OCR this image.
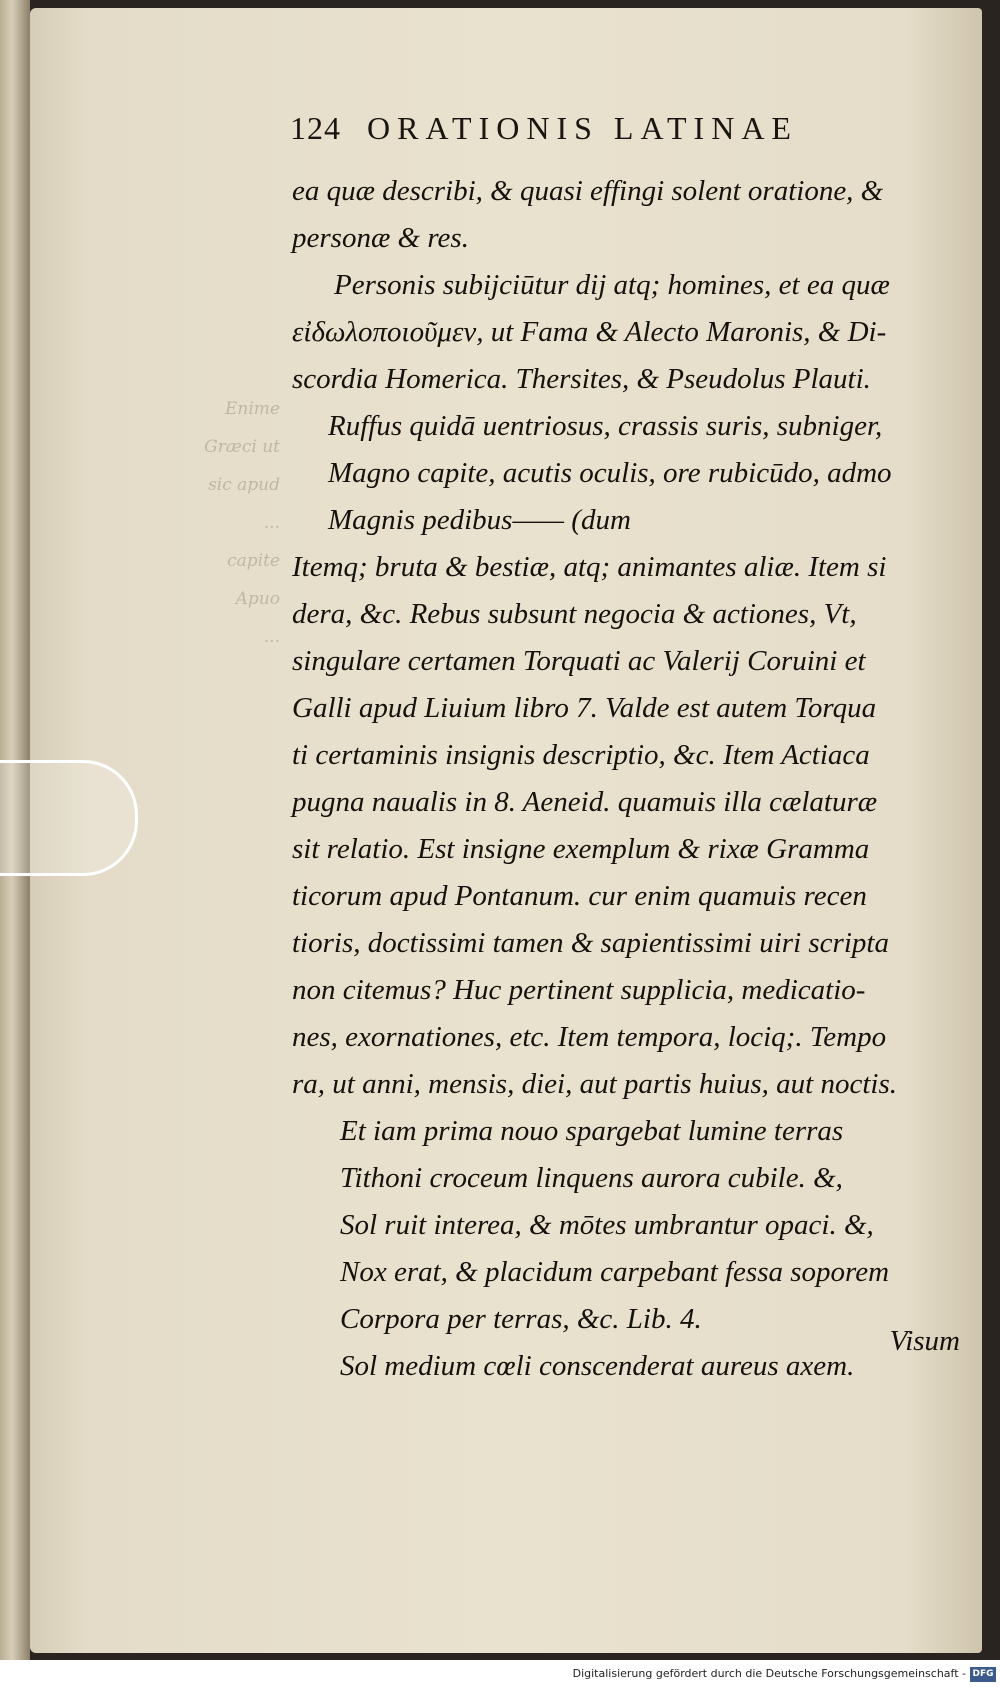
Enime
Græci ut
sic apud
...
capite
Apuo
...
124 ORATIONIS LATINAE
ea quæ describi, & quasi effingi solent oratione, &
personæ & res.
Personis subijciūtur dij atq; homines, et ea quæ
εἰδωλοποιοῦμεν, ut Fama & Alecto Maronis, & Di-
scordia Homerica. Thersites, & Pseudolus Plauti.
Ruffus quidā uentriosus, crassis suris, subniger,
Magno capite, acutis oculis, ore rubicūdo, admo
Magnis pedibus—— (dum
Itemq; bruta & bestiæ, atq; animantes aliæ. Item si
dera, &c. Rebus subsunt negocia & actiones, Vt,
singulare certamen Torquati ac Valerij Coruini et
Galli apud Liuium libro 7. Valde est autem Torqua
ti certaminis insignis descriptio, &c. Item Actiaca
pugna naualis in 8. Aeneid. quamuis illa cælaturæ
sit relatio. Est insigne exemplum & rixæ Gramma
ticorum apud Pontanum. cur enim quamuis recen
tioris, doctissimi tamen & sapientissimi uiri scripta
non citemus? Huc pertinent supplicia, medicatio-
nes, exornationes, etc. Item tempora, lociq;. Tempo
ra, ut anni, mensis, diei, aut partis huius, aut noctis.
Et iam prima nouo spargebat lumine terras
Tithoni croceum linquens aurora cubile. &,
Sol ruit interea, & mōtes umbrantur opaci. &,
Nox erat, & placidum carpebant fessa soporem
Corpora per terras, &c. Lib. 4.
Sol medium cœli conscenderat aureus axem.
Visum
Digitalisierung gefördert durch die Deutsche Forschungsgemeinschaft - DFG
